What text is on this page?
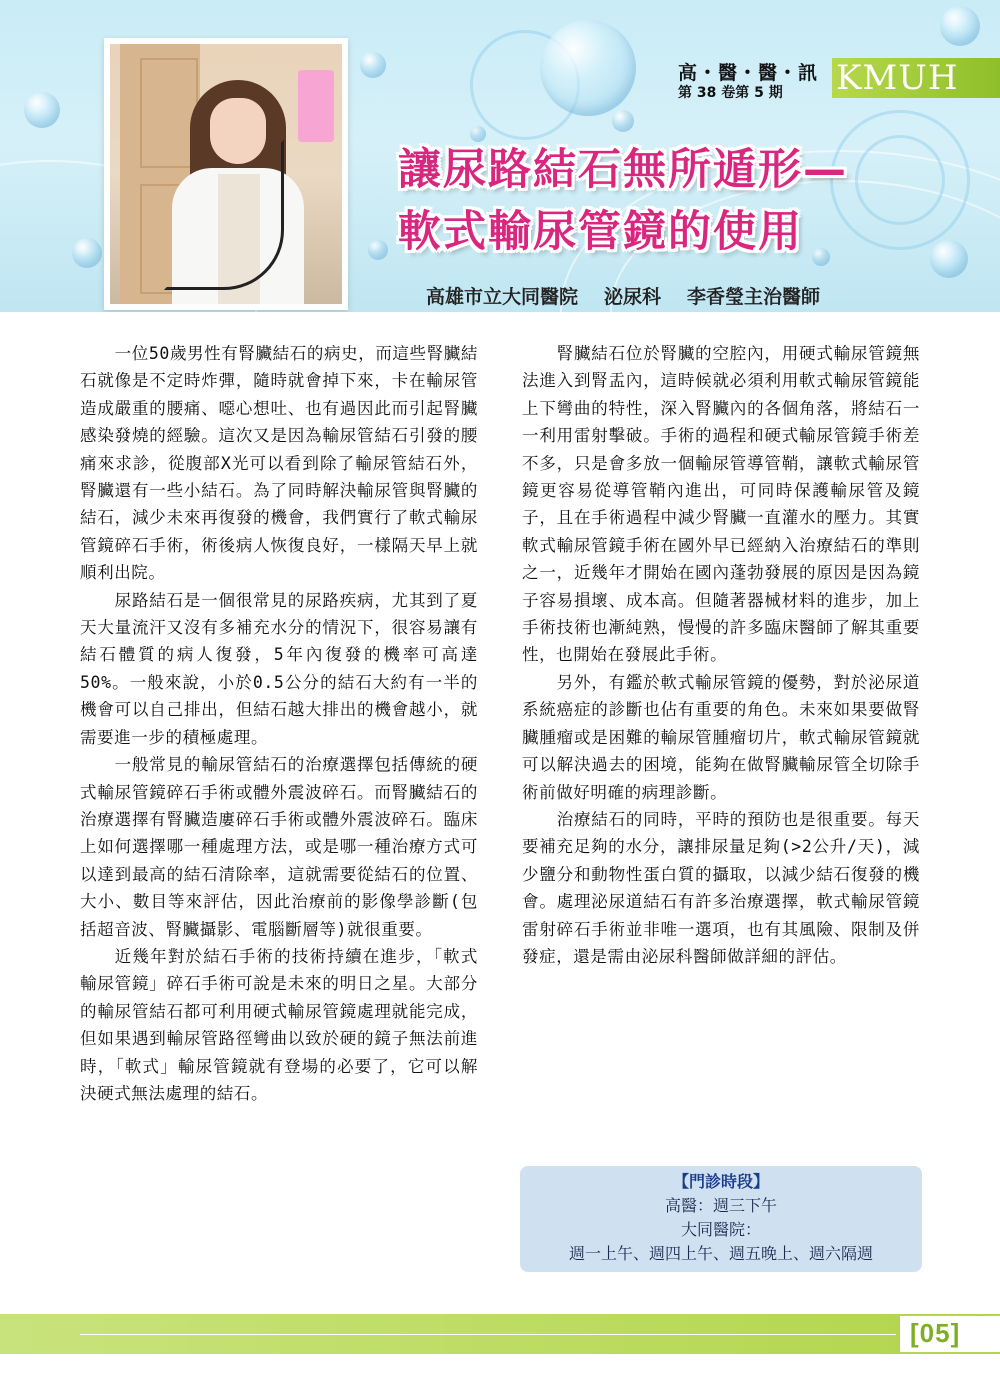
高・醫・醫・訊
第 38 卷第 5 期 KMUH
讓尿路結石無所遁形—
軟式輸尿管鏡的使用
高雄市立大同醫院 泌尿科 李香瑩主治醫師

一位50歲男性有腎臟結石的病史，而這些腎臟結石就像是不定時炸彈，隨時就會掉下來，卡在輸尿管造成嚴重的腰痛、噁心想吐、也有過因此而引起腎臟感染發燒的經驗。這次又是因為輸尿管結石引發的腰痛來求診，從腹部X光可以看到除了輸尿管結石外，腎臟還有一些小結石。為了同時解決輸尿管與腎臟的結石，減少未來再復發的機會，我們實行了軟式輸尿管鏡碎石手術，術後病人恢復良好，一樣隔天早上就順利出院。

尿路結石是一個很常見的尿路疾病，尤其到了夏天大量流汗又沒有多補充水分的情況下，很容易讓有結石體質的病人復發，5年內復發的機率可高達50%。一般來說，小於0.5公分的結石大約有一半的機會可以自己排出，但結石越大排出的機會越小，就需要進一步的積極處理。

一般常見的輸尿管結石的治療選擇包括傳統的硬式輸尿管鏡碎石手術或體外震波碎石。而腎臟結石的治療選擇有腎臟造廔碎石手術或體外震波碎石。臨床上如何選擇哪一種處理方法，或是哪一種治療方式可以達到最高的結石清除率，這就需要從結石的位置、大小、數目等來評估，因此治療前的影像學診斷(包括超音波、腎臟攝影、電腦斷層等)就很重要。

近幾年對於結石手術的技術持續在進步，「軟式輸尿管鏡」碎石手術可說是未來的明日之星。大部分的輸尿管結石都可利用硬式輸尿管鏡處理就能完成，但如果遇到輸尿管路徑彎曲以致於硬的鏡子無法前進時，「軟式」輸尿管鏡就有登場的必要了，它可以解決硬式無法處理的結石。

腎臟結石位於腎臟的空腔內，用硬式輸尿管鏡無法進入到腎盂內，這時候就必須利用軟式輸尿管鏡能上下彎曲的特性，深入腎臟內的各個角落，將結石一一利用雷射擊破。手術的過程和硬式輸尿管鏡手術差不多，只是會多放一個輸尿管導管鞘，讓軟式輸尿管鏡更容易從導管鞘內進出，可同時保護輸尿管及鏡子，且在手術過程中減少腎臟一直灌水的壓力。其實軟式輸尿管鏡手術在國外早已經納入治療結石的準則之一，近幾年才開始在國內蓬勃發展的原因是因為鏡子容易損壞、成本高。但隨著器械材料的進步，加上手術技術也漸純熟，慢慢的許多臨床醫師了解其重要性，也開始在發展此手術。

另外，有鑑於軟式輸尿管鏡的優勢，對於泌尿道系統癌症的診斷也佔有重要的角色。未來如果要做腎臟腫瘤或是困難的輸尿管腫瘤切片，軟式輸尿管鏡就可以解決過去的困境，能夠在做腎臟輸尿管全切除手術前做好明確的病理診斷。

治療結石的同時，平時的預防也是很重要。每天要補充足夠的水分，讓排尿量足夠(>2公升/天)，減少鹽分和動物性蛋白質的攝取，以減少結石復發的機會。處理泌尿道結石有許多治療選擇，軟式輸尿管鏡雷射碎石手術並非唯一選項，也有其風險、限制及併發症，還是需由泌尿科醫師做詳細的評估。

【門診時段】
高醫：週三下午
大同醫院：
週一上午、週四上午、週五晚上、週六隔週
[05]
